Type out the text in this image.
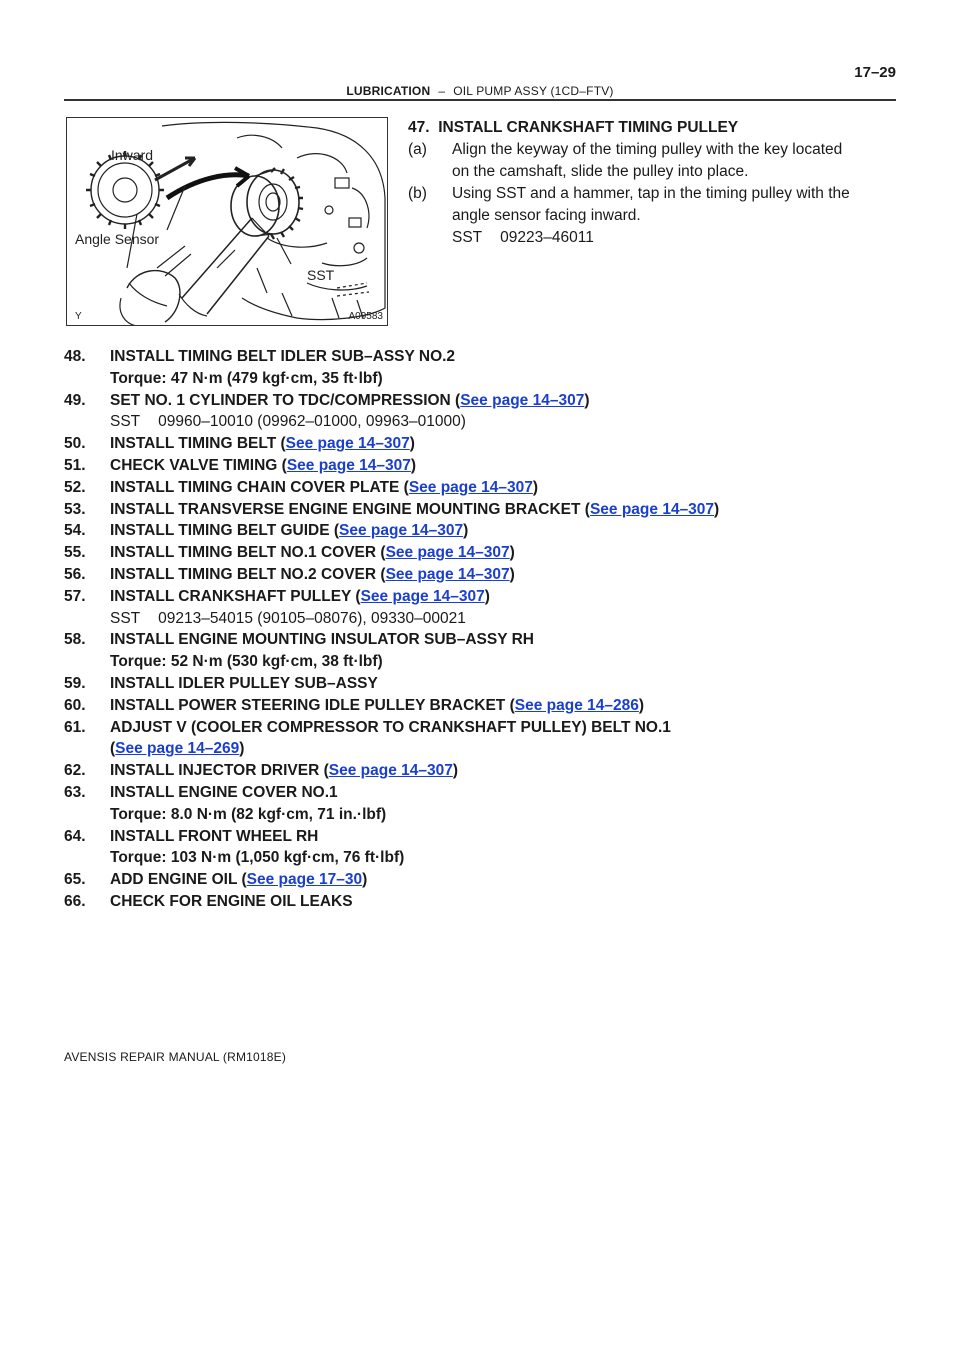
LUBRICATION – OIL PUMP ASSY (1CD–FTV)
17–29
Inward
Angle Sensor
SST
Y	A09583
47. INSTALL CRANKSHAFT TIMING PULLEY
(a) Align the keyway of the timing pulley with the key located
on the camshaft, slide the pulley into place.
(b) Using SST and a hammer, tap in the timing pulley with the
angle sensor facing inward.
SST 09223–46011
48. INSTALL TIMING BELT IDLER SUB–ASSY NO.2
Torque: 47 N·m (479 kgf·cm, 35 ft·lbf)
49. SET NO. 1 CYLINDER TO TDC/COMPRESSION (See page 14–307)
SST 09960–10010 (09962–01000, 09963–01000)
50. INSTALL TIMING BELT (See page 14–307)
51. CHECK VALVE TIMING (See page 14–307)
52. INSTALL TIMING CHAIN COVER PLATE (See page 14–307)
53. INSTALL TRANSVERSE ENGINE ENGINE MOUNTING BRACKET (See page 14–307)
54. INSTALL TIMING BELT GUIDE (See page 14–307)
55. INSTALL TIMING BELT NO.1 COVER (See page 14–307)
56. INSTALL TIMING BELT NO.2 COVER (See page 14–307)
57. INSTALL CRANKSHAFT PULLEY (See page 14–307)
SST 09213–54015 (90105–08076), 09330–00021
58. INSTALL ENGINE MOUNTING INSULATOR SUB–ASSY RH
Torque: 52 N·m (530 kgf·cm, 38 ft·lbf)
59. INSTALL IDLER PULLEY SUB–ASSY
60. INSTALL POWER STEERING IDLE PULLEY BRACKET (See page 14–286)
61. ADJUST V (COOLER COMPRESSOR TO CRANKSHAFT PULLEY) BELT NO.1
(See page 14–269)
62. INSTALL INJECTOR DRIVER (See page 14–307)
63. INSTALL ENGINE COVER NO.1
Torque: 8.0 N·m (82 kgf·cm, 71 in.·lbf)
64. INSTALL FRONT WHEEL RH
Torque: 103 N·m (1,050 kgf·cm, 76 ft·lbf)
65. ADD ENGINE OIL (See page 17–30)
66. CHECK FOR ENGINE OIL LEAKS
AVENSIS REPAIR MANUAL (RM1018E)
